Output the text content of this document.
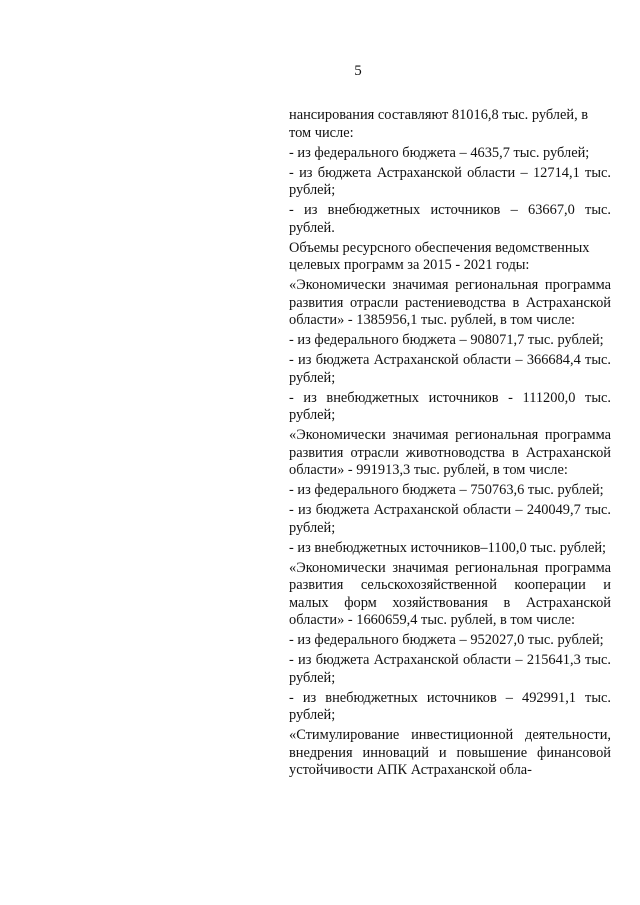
5

нансирования составляют 81016,8 тыс. рублей, в том числе:

- из федерального бюджета – 4635,7 тыс. рублей;

- из бюджета Астраханской области – 12714,1 тыс. рублей;

- из внебюджетных источников – 63667,0 тыс. рублей.

Объемы ресурсного обеспечения ведомственных целевых программ за 2015 - 2021 годы:

«Экономически значимая региональная программа развития отрасли растениеводства в Астраханской области» - 1385956,1 тыс. рублей, в том числе:

- из федерального бюджета – 908071,7 тыс. рублей;

- из бюджета Астраханской области – 366684,4 тыс. рублей;

- из внебюджетных источников - 111200,0 тыс. рублей;

«Экономически значимая региональная программа развития отрасли животноводства в Астраханской области» - 991913,3 тыс. рублей, в том числе:

- из федерального бюджета – 750763,6 тыс. рублей;

- из бюджета Астраханской области – 240049,7 тыс. рублей;

- из внебюджетных источников–1100,0 тыс. рублей;

«Экономически значимая региональная программа развития сельскохозяйственной кооперации и малых форм хозяйствования в Астраханской области» - 1660659,4 тыс. рублей, в том числе:

- из федерального бюджета – 952027,0 тыс. рублей;

- из бюджета Астраханской области – 215641,3 тыс. рублей;

- из внебюджетных источников – 492991,1 тыс. рублей;

«Стимулирование инвестиционной деятельности, внедрения инноваций и повышение финансовой устойчивости АПК Астраханской обла-
